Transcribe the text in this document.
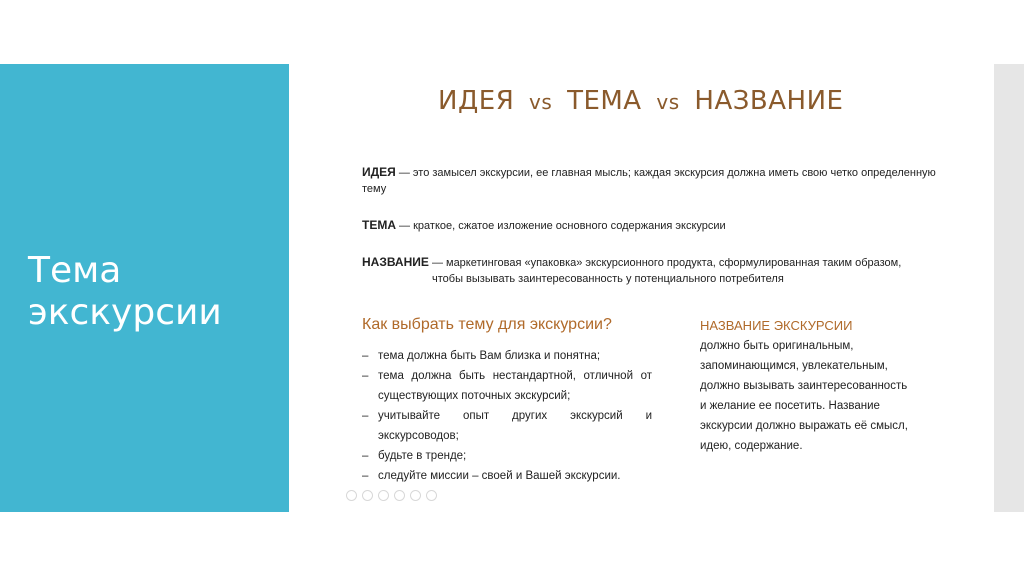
Тема
экскурсии
ИДЕЯ vs ТЕМА vs НАЗВАНИЕ
ИДЕЯ — это замысел экскурсии, ее главная мысль; каждая экскурсия должна иметь свою четко определенную тему
ТЕМА — краткое, сжатое изложение основного содержания экскурсии
НАЗВАНИЕ — маркетинговая «упаковка» экскурсионного продукта, сформулированная таким образом,
чтобы вызывать заинтересованность у потенциального потребителя
Как выбрать тему для экскурсии?
– тема должна быть Вам близка и понятна;
– тема должна быть нестандартной, отличной от существующих поточных экскурсий;
– учитывайте опыт других экскурсий и экскурсоводов;
– будьте в тренде;
– следуйте миссии – своей и Вашей экскурсии.
НАЗВАНИЕ ЭКСКУРСИИ
должно быть оригинальным, запоминающимся, увлекательным, должно вызывать заинтересованность и желание ее посетить. Название экскурсии должно выражать её смысл, идею, содержание.
